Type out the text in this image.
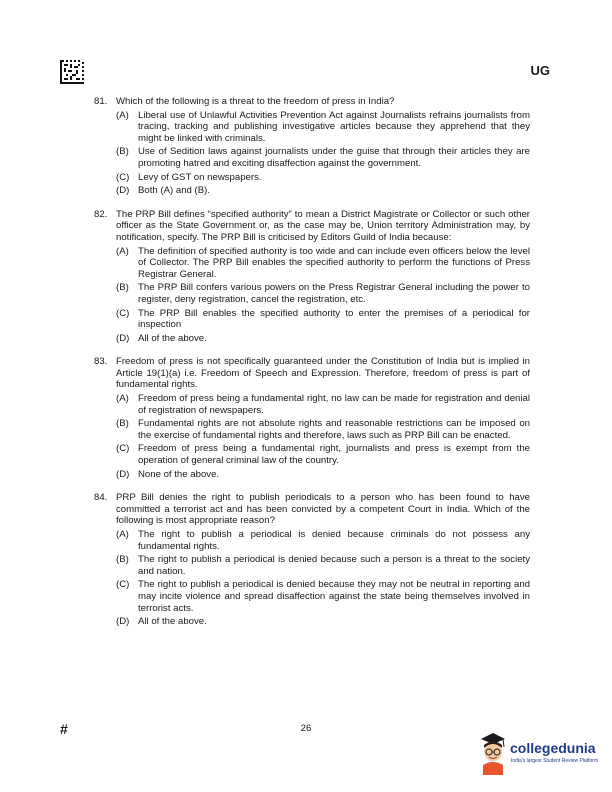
UG
81. Which of the following is a threat to the freedom of press in India?
(A) Liberal use of Unlawful Activities Prevention Act against Journalists refrains journalists from tracing, tracking and publishing investigative articles because they apprehend that they might be linked with criminals.
(B) Use of Sedition laws against journalists under the guise that through their articles they are promoting hatred and exciting disaffection against the government.
(C) Levy of GST on newspapers.
(D) Both (A) and (B).
82. The PRP Bill defines “specified authority” to mean a District Magistrate or Collector or such other officer as the State Government or, as the case may be, Union territory Administration may, by notification, specify. The PRP Bill is criticised by Editors Guild of India because:
(A) The definition of specified authority is too wide and can include even officers below the level of Collector. The PRP Bill enables the specified authority to perform the functions of Press Registrar General.
(B) The PRP Bill confers various powers on the Press Registrar General including the power to register, deny registration, cancel the registration, etc.
(C) The PRP Bill enables the specified authority to enter the premises of a periodical for inspection
(D) All of the above.
83. Freedom of press is not specifically guaranteed under the Constitution of India but is implied in Article 19(1)(a) i.e. Freedom of Speech and Expression. Therefore, freedom of press is part of fundamental rights.
(A) Freedom of press being a fundamental right, no law can be made for registration and denial of registration of newspapers.
(B) Fundamental rights are not absolute rights and reasonable restrictions can be imposed on the exercise of fundamental rights and therefore, laws such as PRP Bill can be enacted.
(C) Freedom of press being a fundamental right, journalists and press is exempt from the operation of general criminal law of the country.
(D) None of the above.
84. PRP Bill denies the right to publish periodicals to a person who has been found to have committed a terrorist act and has been convicted by a competent Court in India. Which of the following is most appropriate reason?
(A) The right to publish a periodical is denied because criminals do not possess any fundamental rights.
(B) The right to publish a periodical is denied because such a person is a threat to the society and nation.
(C) The right to publish a periodical is denied because they may not be neutral in reporting and may incite violence and spread disaffection against the state being themselves involved in terrorist acts.
(D) All of the above.
#	26
collegedunia
India's largest Student Review Platform
